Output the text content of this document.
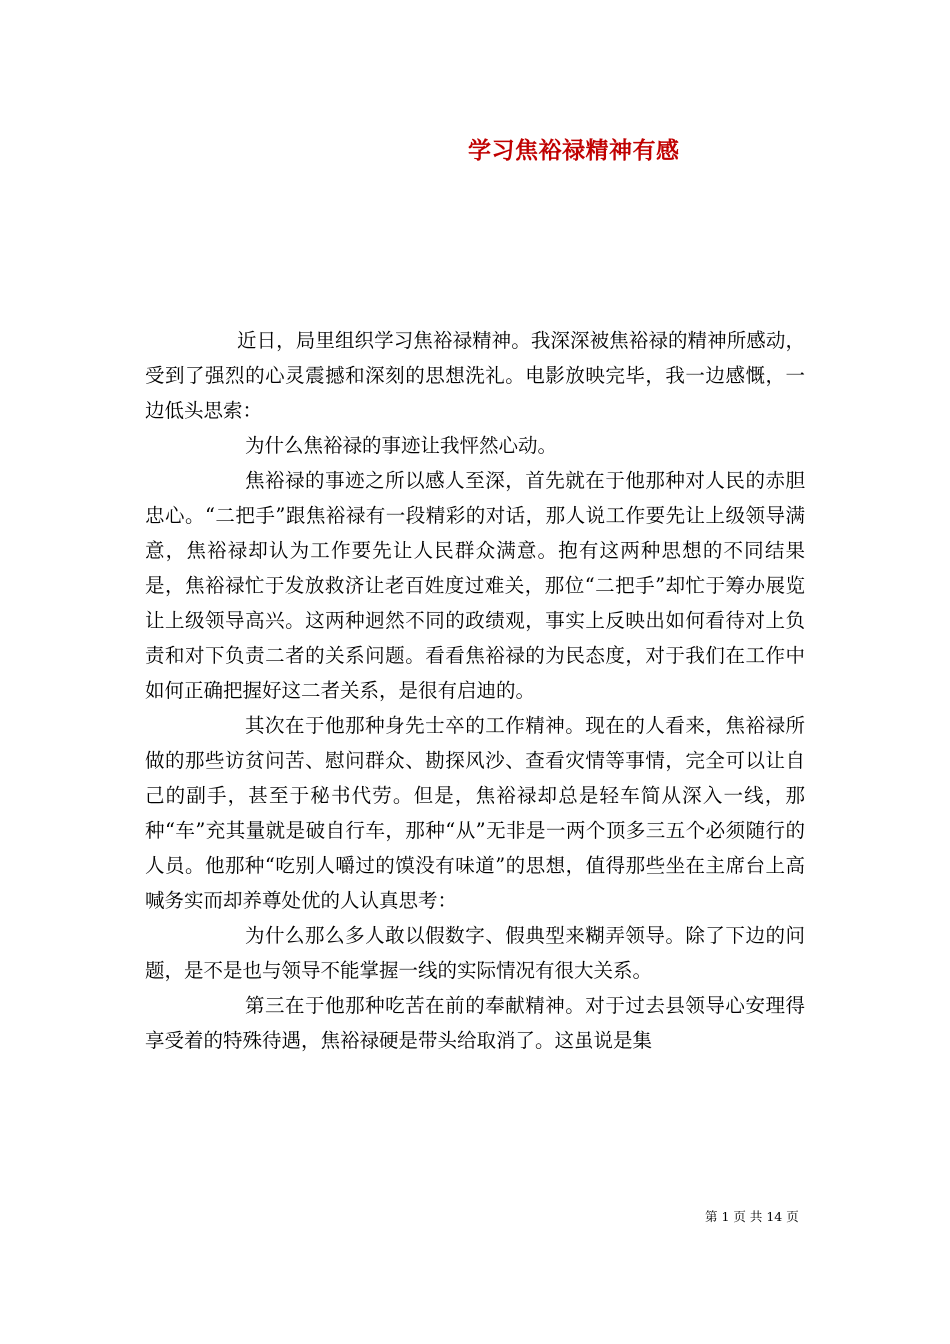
学习焦裕禄精神有感

近日，局里组织学习焦裕禄精神。我深深被焦裕禄的精神所感动，受到了强烈的心灵震撼和深刻的思想洗礼。电影放映完毕，我一边感慨，一边低头思索：

为什么焦裕禄的事迹让我怦然心动。

焦裕禄的事迹之所以感人至深，首先就在于他那种对人民的赤胆忠心。“二把手”跟焦裕禄有一段精彩的对话，那人说工作要先让上级领导满意，焦裕禄却认为工作要先让人民群众满意。抱有这两种思想的不同结果是，焦裕禄忙于发放救济让老百姓度过难关，那位“二把手”却忙于筹办展览让上级领导高兴。这两种迥然不同的政绩观，事实上反映出如何看待对上负责和对下负责二者的关系问题。看看焦裕禄的为民态度，对于我们在工作中如何正确把握好这二者关系，是很有启迪的。

其次在于他那种身先士卒的工作精神。现在的人看来，焦裕禄所做的那些访贫问苦、慰问群众、勘探风沙、查看灾情等事情，完全可以让自己的副手，甚至于秘书代劳。但是，焦裕禄却总是轻车简从深入一线，那种“车”充其量就是破自行车，那种“从”无非是一两个顶多三五个必须随行的人员。他那种“吃别人嚼过的馍没有味道”的思想，值得那些坐在主席台上高喊务实而却养尊处优的人认真思考：

为什么那么多人敢以假数字、假典型来糊弄领导。除了下边的问题，是不是也与领导不能掌握一线的实际情况有很大关系。

第三在于他那种吃苦在前的奉献精神。对于过去县领导心安理得享受着的特殊待遇，焦裕禄硬是带头给取消了。这虽说是集

第 1 页 共 14 页
